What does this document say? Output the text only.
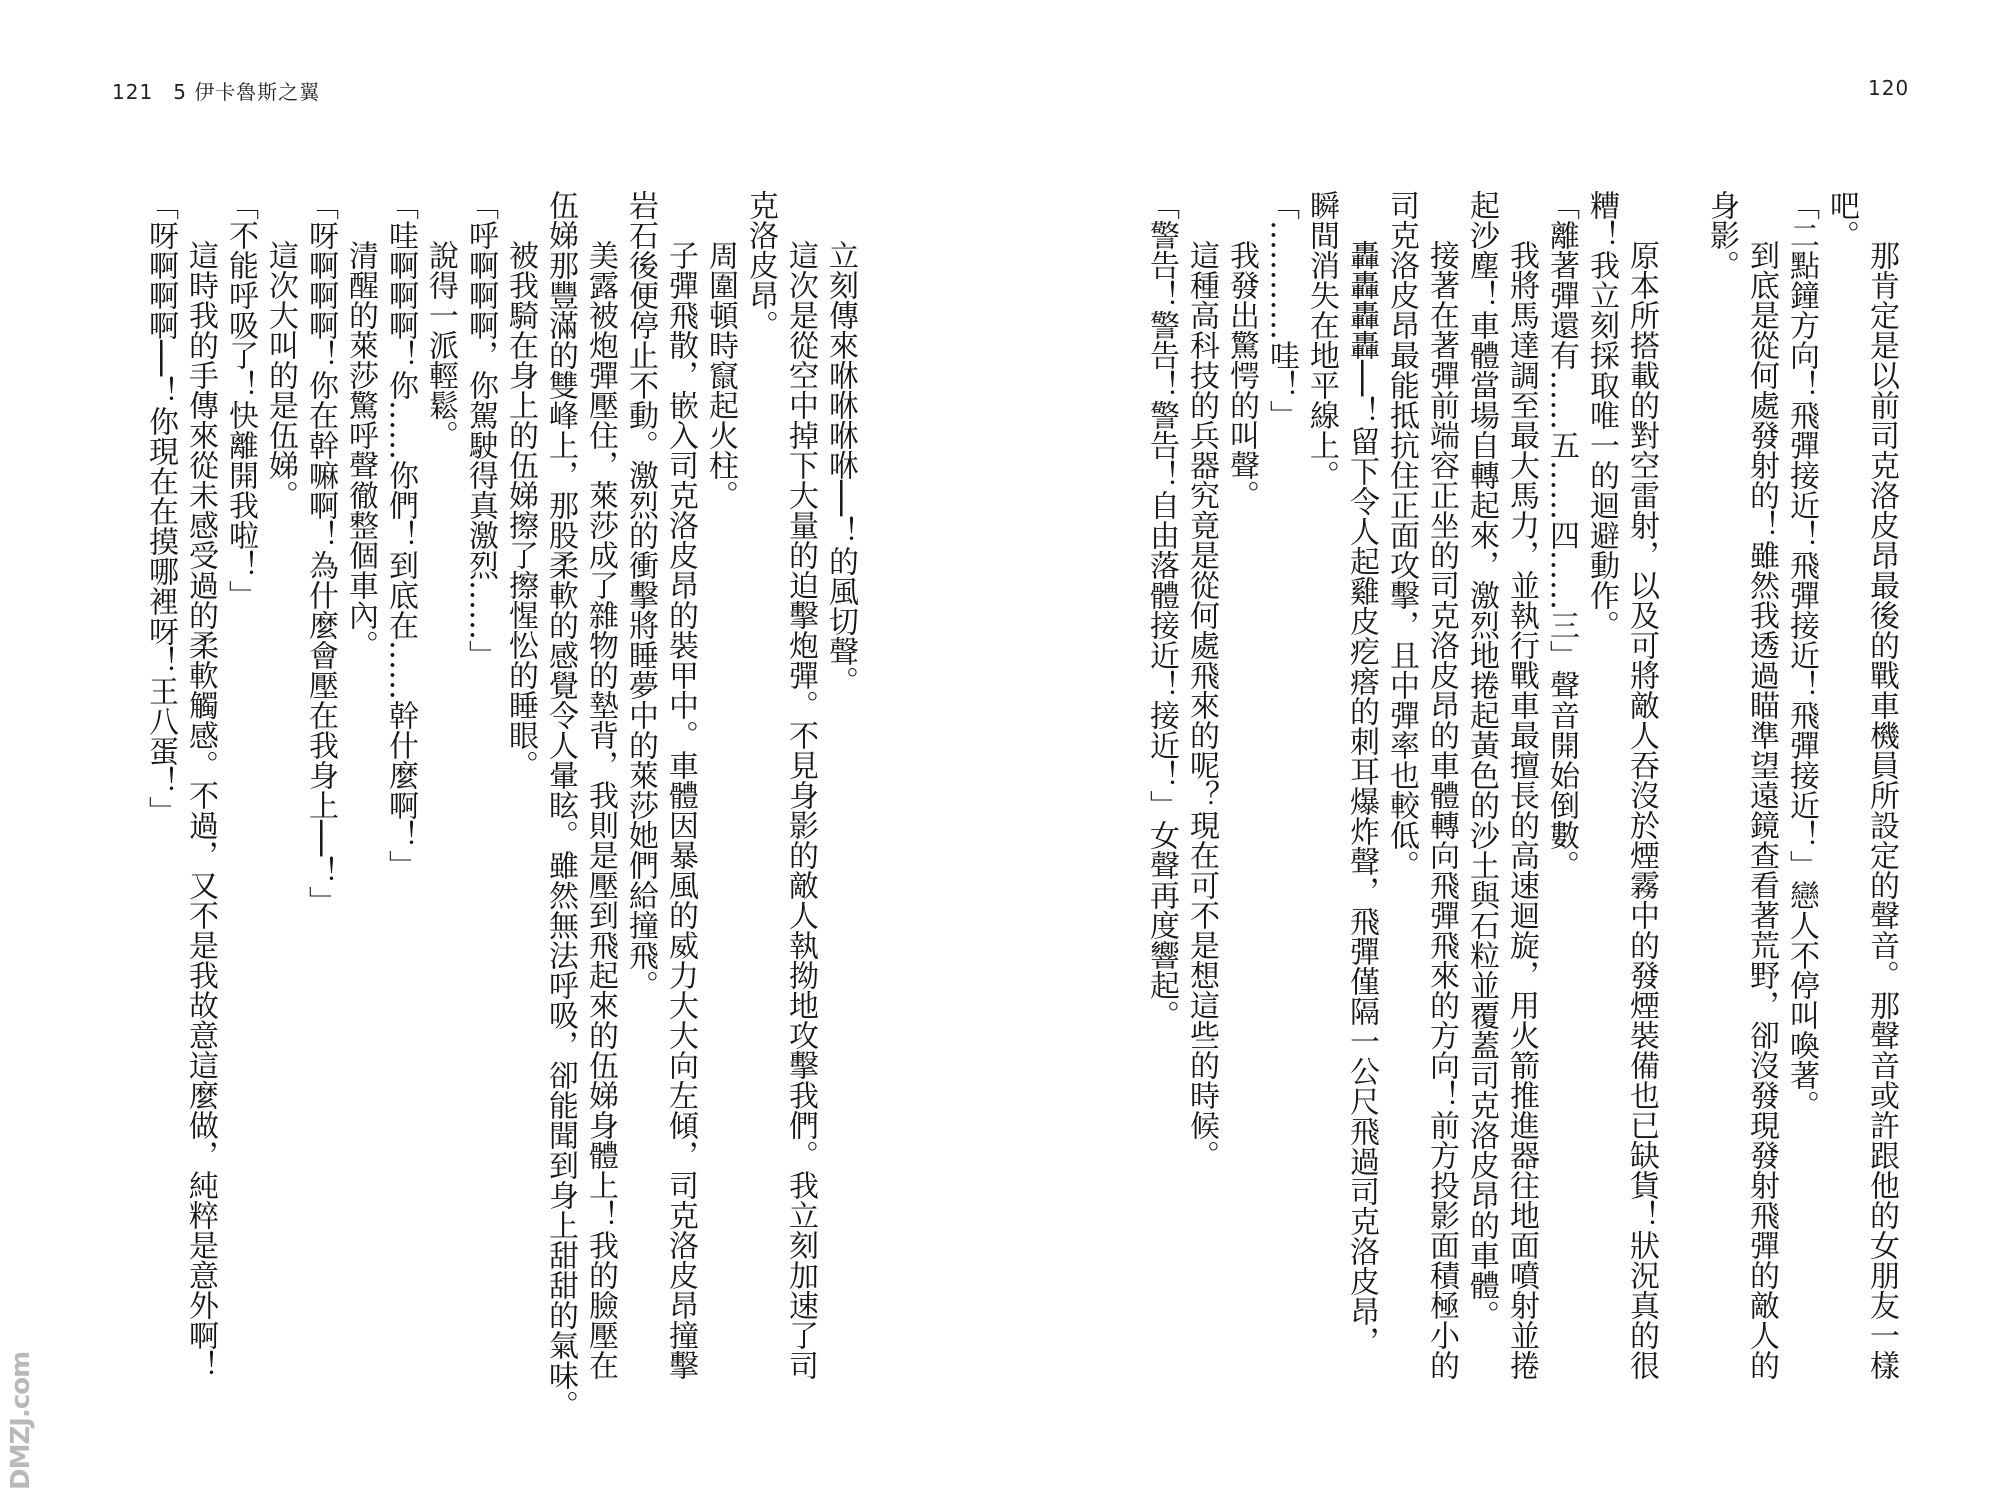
121 5 伊卡魯斯之翼	120
那肯定是以前司克洛皮昂最後的戰車機員所設定的聲音。那聲音或許跟他的女朋友一樣
吧。
「二點鐘方向！飛彈接近！飛彈接近！飛彈接近！」戀人不停叫喚著。
到底是從何處發射的！雖然我透過瞄準望遠鏡查看著荒野，卻沒發現發射飛彈的敵人的
身影。
原本所搭載的對空雷射，以及可將敵人吞沒於煙霧中的發煙裝備也已缺貨！狀況真的很
糟！我立刻採取唯一的迴避動作。
「離著彈還有……五……四……三」聲音開始倒數。
我將馬達調至最大馬力，並執行戰車最擅長的高速迴旋，用火箭推進器往地面噴射並捲
起沙塵！車體當場自轉起來，激烈地捲起黃色的沙土與石粒並覆蓋司克洛皮昂的車體。
接著在著彈前端容正坐的司克洛皮昂的車體轉向飛彈飛來的方向！前方投影面積極小的
司克洛皮昂最能抵抗住正面攻擊，且中彈率也較低。
轟轟轟轟──！留下令人起雞皮疙瘩的刺耳爆炸聲，飛彈僅隔一公尺飛過司克洛皮昂，
瞬間消失在地平線上。
「…………哇！」
我發出驚愕的叫聲。
這種高科技的兵器究竟是從何處飛來的呢？現在可不是想這些的時候。
「警告！警告！警告！自由落體接近！接近！」女聲再度響起。
立刻傳來咻咻咻咻──！的風切聲。
這次是從空中掉下大量的迫擊炮彈。不見身影的敵人執拗地攻擊我們。我立刻加速了司
克洛皮昂。
周圍頓時竄起火柱。
子彈飛散，嵌入司克洛皮昂的裝甲中。車體因暴風的威力大大向左傾，司克洛皮昂撞擊
岩石後便停止不動。激烈的衝擊將睡夢中的萊莎她們給撞飛。
美露被炮彈壓住，萊莎成了雜物的墊背，我則是壓到飛起來的伍娣身體上！我的臉壓在
伍娣那豐滿的雙峰上，那股柔軟的感覺令人暈眩。雖然無法呼吸，卻能聞到身上甜甜的氣味。
被我騎在身上的伍娣擦了擦惺忪的睡眼。
「呼啊啊啊，你駕駛得真激烈……」
說得一派輕鬆。
「哇啊啊啊！你……你們！到底在……幹什麼啊！」
清醒的萊莎驚呼聲徹整個車內。
「呀啊啊啊！你在幹嘛啊！為什麼會壓在我身上──！」
這次大叫的是伍娣。
「不能呼吸了！快離開我啦！」
這時我的手傳來從未感受過的柔軟觸感。不過，又不是我故意這麼做，純粹是意外啊！
「呀啊啊啊──！你現在在摸哪裡呀！王八蛋！」
DMZJ.com
